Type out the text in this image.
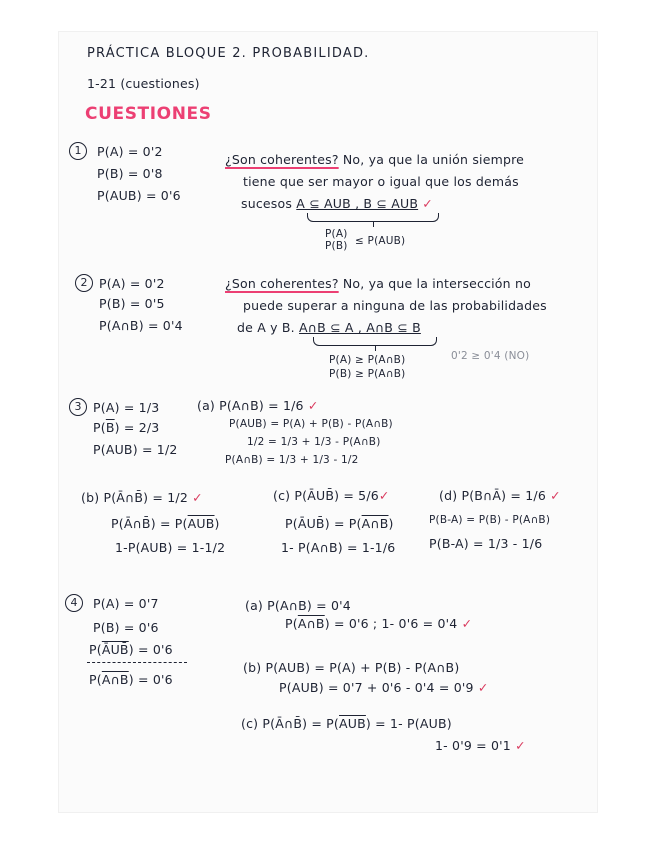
PRÁCTICA BLOQUE 2. PROBABILIDAD.
1-21 (cuestiones)
CUESTIONES
1	P(A) = 0'2
P(B) = 0'8
P(AUB) = 0'6
¿Son coherentes? No, ya que la unión siempre
tiene que ser mayor o igual que los demás
sucesos A ⊆ AUB , B ⊆ AUB ✓
P(A)
P(B) ≤ P(AUB)
2 P(A) = 0'2
P(B) = 0'5
P(A∩B) = 0'4
¿Son coherentes? No, ya que la intersección no
puede superar a ninguna de las probabilidades
de A y B. A∩B ⊆ A , A∩B ⊆ B
P(A) ≥ P(A∩B)	0'2 ≥ 0'4 (NO)
P(B) ≥ P(A∩B)
3 P(A) = 1/3
$P(\overline{B}) = 2/3$
P(AUB) = 1/2
(a) P(A∩B) = 1/6 ✓
P(AUB) = P(A) + P(B) - P(A∩B)
1/2 = 1/3 + 1/3 - P(A∩B)
P(A∩B) = 1/3 + 1/3 - 1/2
(b) P(Ā∩B̄) = 1/2 ✓
P(Ā∩B̄) = $P(\overline{AUB})$
1-P(AUB) = 1-1/2
(c) P(ĀUB̄) = 5/6✓
P(ĀUB̄) = P(A∩B)
1- P(A∩B) = 1-1/6
(d) P(B∩Ā) = 1/6 ✓
P(B-A) = P(B) - P(A∩B)
P(B-A) = 1/3 - 1/6
4	P(A) = 0'7
P(B) = 0'6
P(ĀUB̄) = 0'6
P(A∩B) = 0'6
(a) P(A∩B) = 0'4
P(A∩B) = 0'6 ; 1- 0'6 = 0'4 ✓
(b) P(AUB) = P(A) + P(B) - P(A∩B)
P(AUB) = 0'7 + 0'6 - 0'4 = 0'9 ✓
(c) P(Ā∩B̄) = $P(\overline{AUB}) = 1-$ P(AUB)
1- 0'9 = 0'1 ✓
